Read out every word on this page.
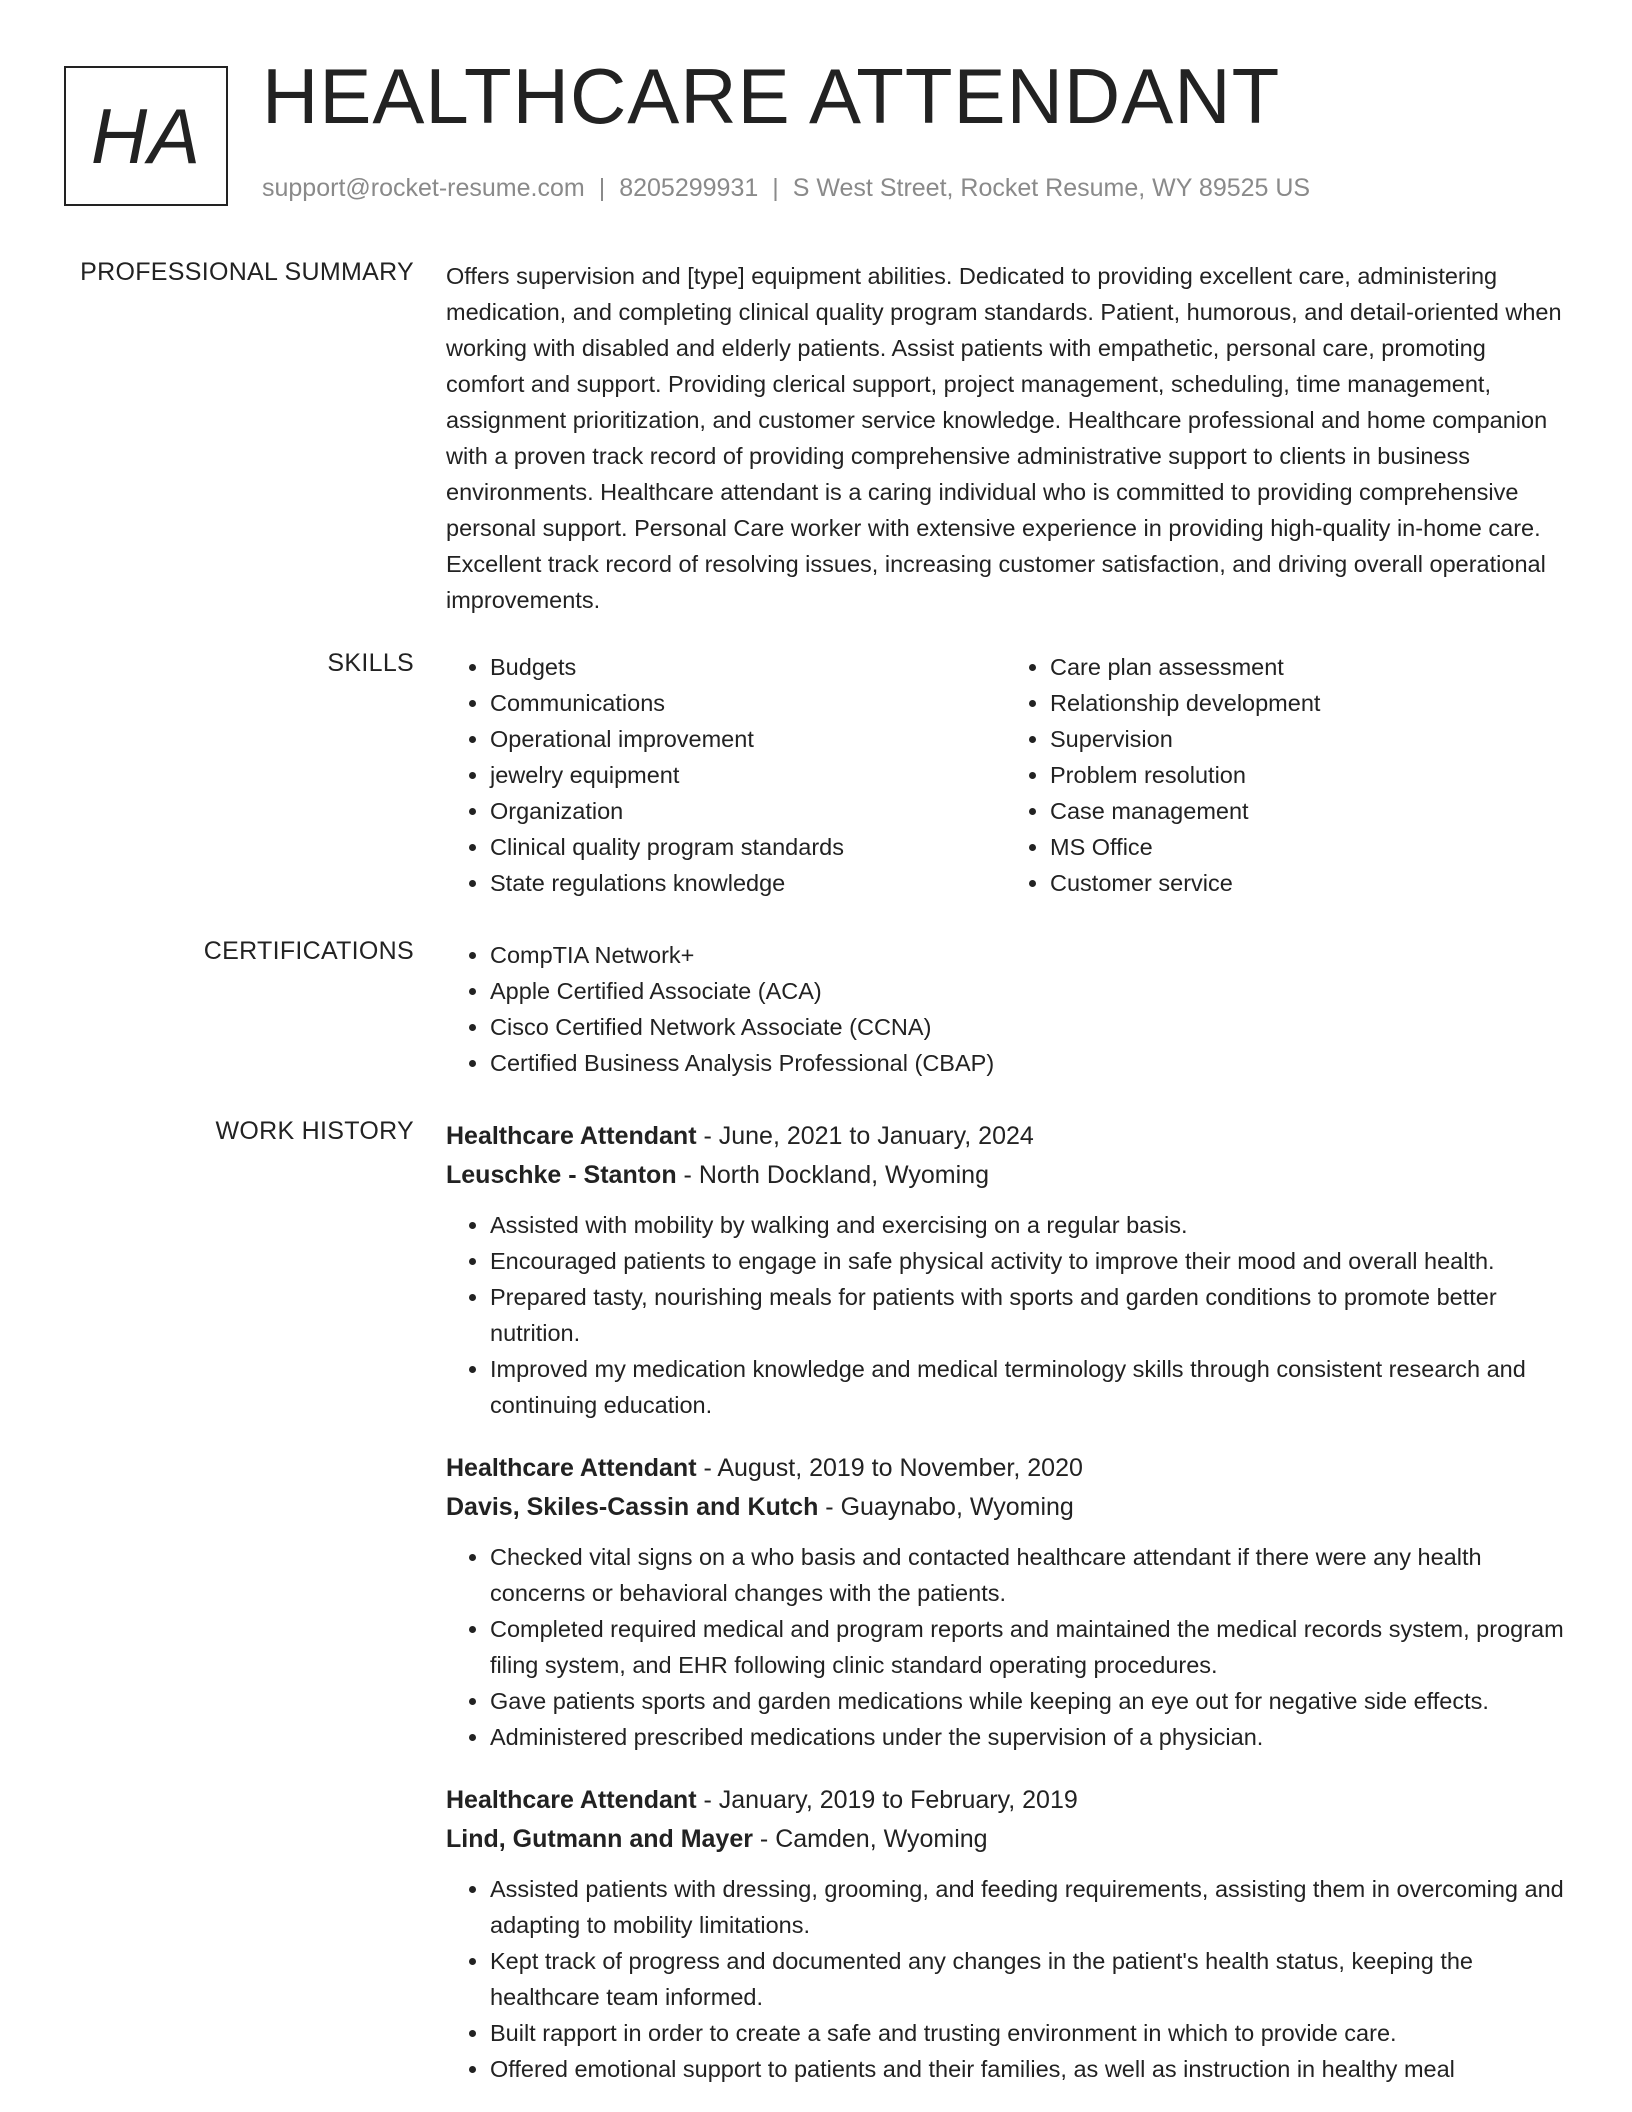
HA HEALTHCARE ATTENDANT
support@rocket-resume.com | 8205299931 | S West Street, Rocket Resume, WY 89525 US
PROFESSIONAL SUMMARY Offers supervision and [type] equipment abilities. Dedicated to providing excellent care, administering medication, and completing clinical quality program standards. Patient, humorous, and detail-oriented when working with disabled and elderly patients. Assist patients with empathetic, personal care, promoting comfort and support. Providing clerical support, project management, scheduling, time management, assignment prioritization, and customer service knowledge. Healthcare professional and home companion with a proven track record of providing comprehensive administrative support to clients in business environments. Healthcare attendant is a caring individual who is committed to providing comprehensive personal support. Personal Care worker with extensive experience in providing high-quality in-home care. Excellent track record of resolving issues, increasing customer satisfaction, and driving overall operational improvements.

SKILLS	• Budgets
• Communications
• Operational improvement
• jewelry equipment
• Organization
• Clinical quality program standards
• State regulations knowledge
• Care plan assessment
• Relationship development
• Supervision
• Problem resolution
• Case management
• MS Office
• Customer service
CERTIFICATIONS	• CompTIA Network+
• Apple Certified Associate (ACA)
• Cisco Certified Network Associate (CCNA)
• Certified Business Analysis Professional (CBAP)
WORK HISTORY Healthcare Attendant - June, 2021 to January, 2024
Leuschke - Stanton - North Dockland, Wyoming
• Assisted with mobility by walking and exercising on a regular basis.
• Encouraged patients to engage in safe physical activity to improve their mood and overall health.
• Prepared tasty, nourishing meals for patients with sports and garden conditions to promote better nutrition.
• Improved my medication knowledge and medical terminology skills through consistent research and continuing education.
Healthcare Attendant - August, 2019 to November, 2020
Davis, Skiles-Cassin and Kutch - Guaynabo, Wyoming
• Checked vital signs on a who basis and contacted healthcare attendant if there were any health concerns or behavioral changes with the patients.
• Completed required medical and program reports and maintained the medical records system, program filing system, and EHR following clinic standard operating procedures.
• Gave patients sports and garden medications while keeping an eye out for negative side effects.
• Administered prescribed medications under the supervision of a physician.
Healthcare Attendant - January, 2019 to February, 2019
Lind, Gutmann and Mayer - Camden, Wyoming
• Assisted patients with dressing, grooming, and feeding requirements, assisting them in overcoming and adapting to mobility limitations.
• Kept track of progress and documented any changes in the patient's health status, keeping the healthcare team informed.
• Built rapport in order to create a safe and trusting environment in which to provide care.
• Offered emotional support to patients and their families, as well as instruction in healthy meal
